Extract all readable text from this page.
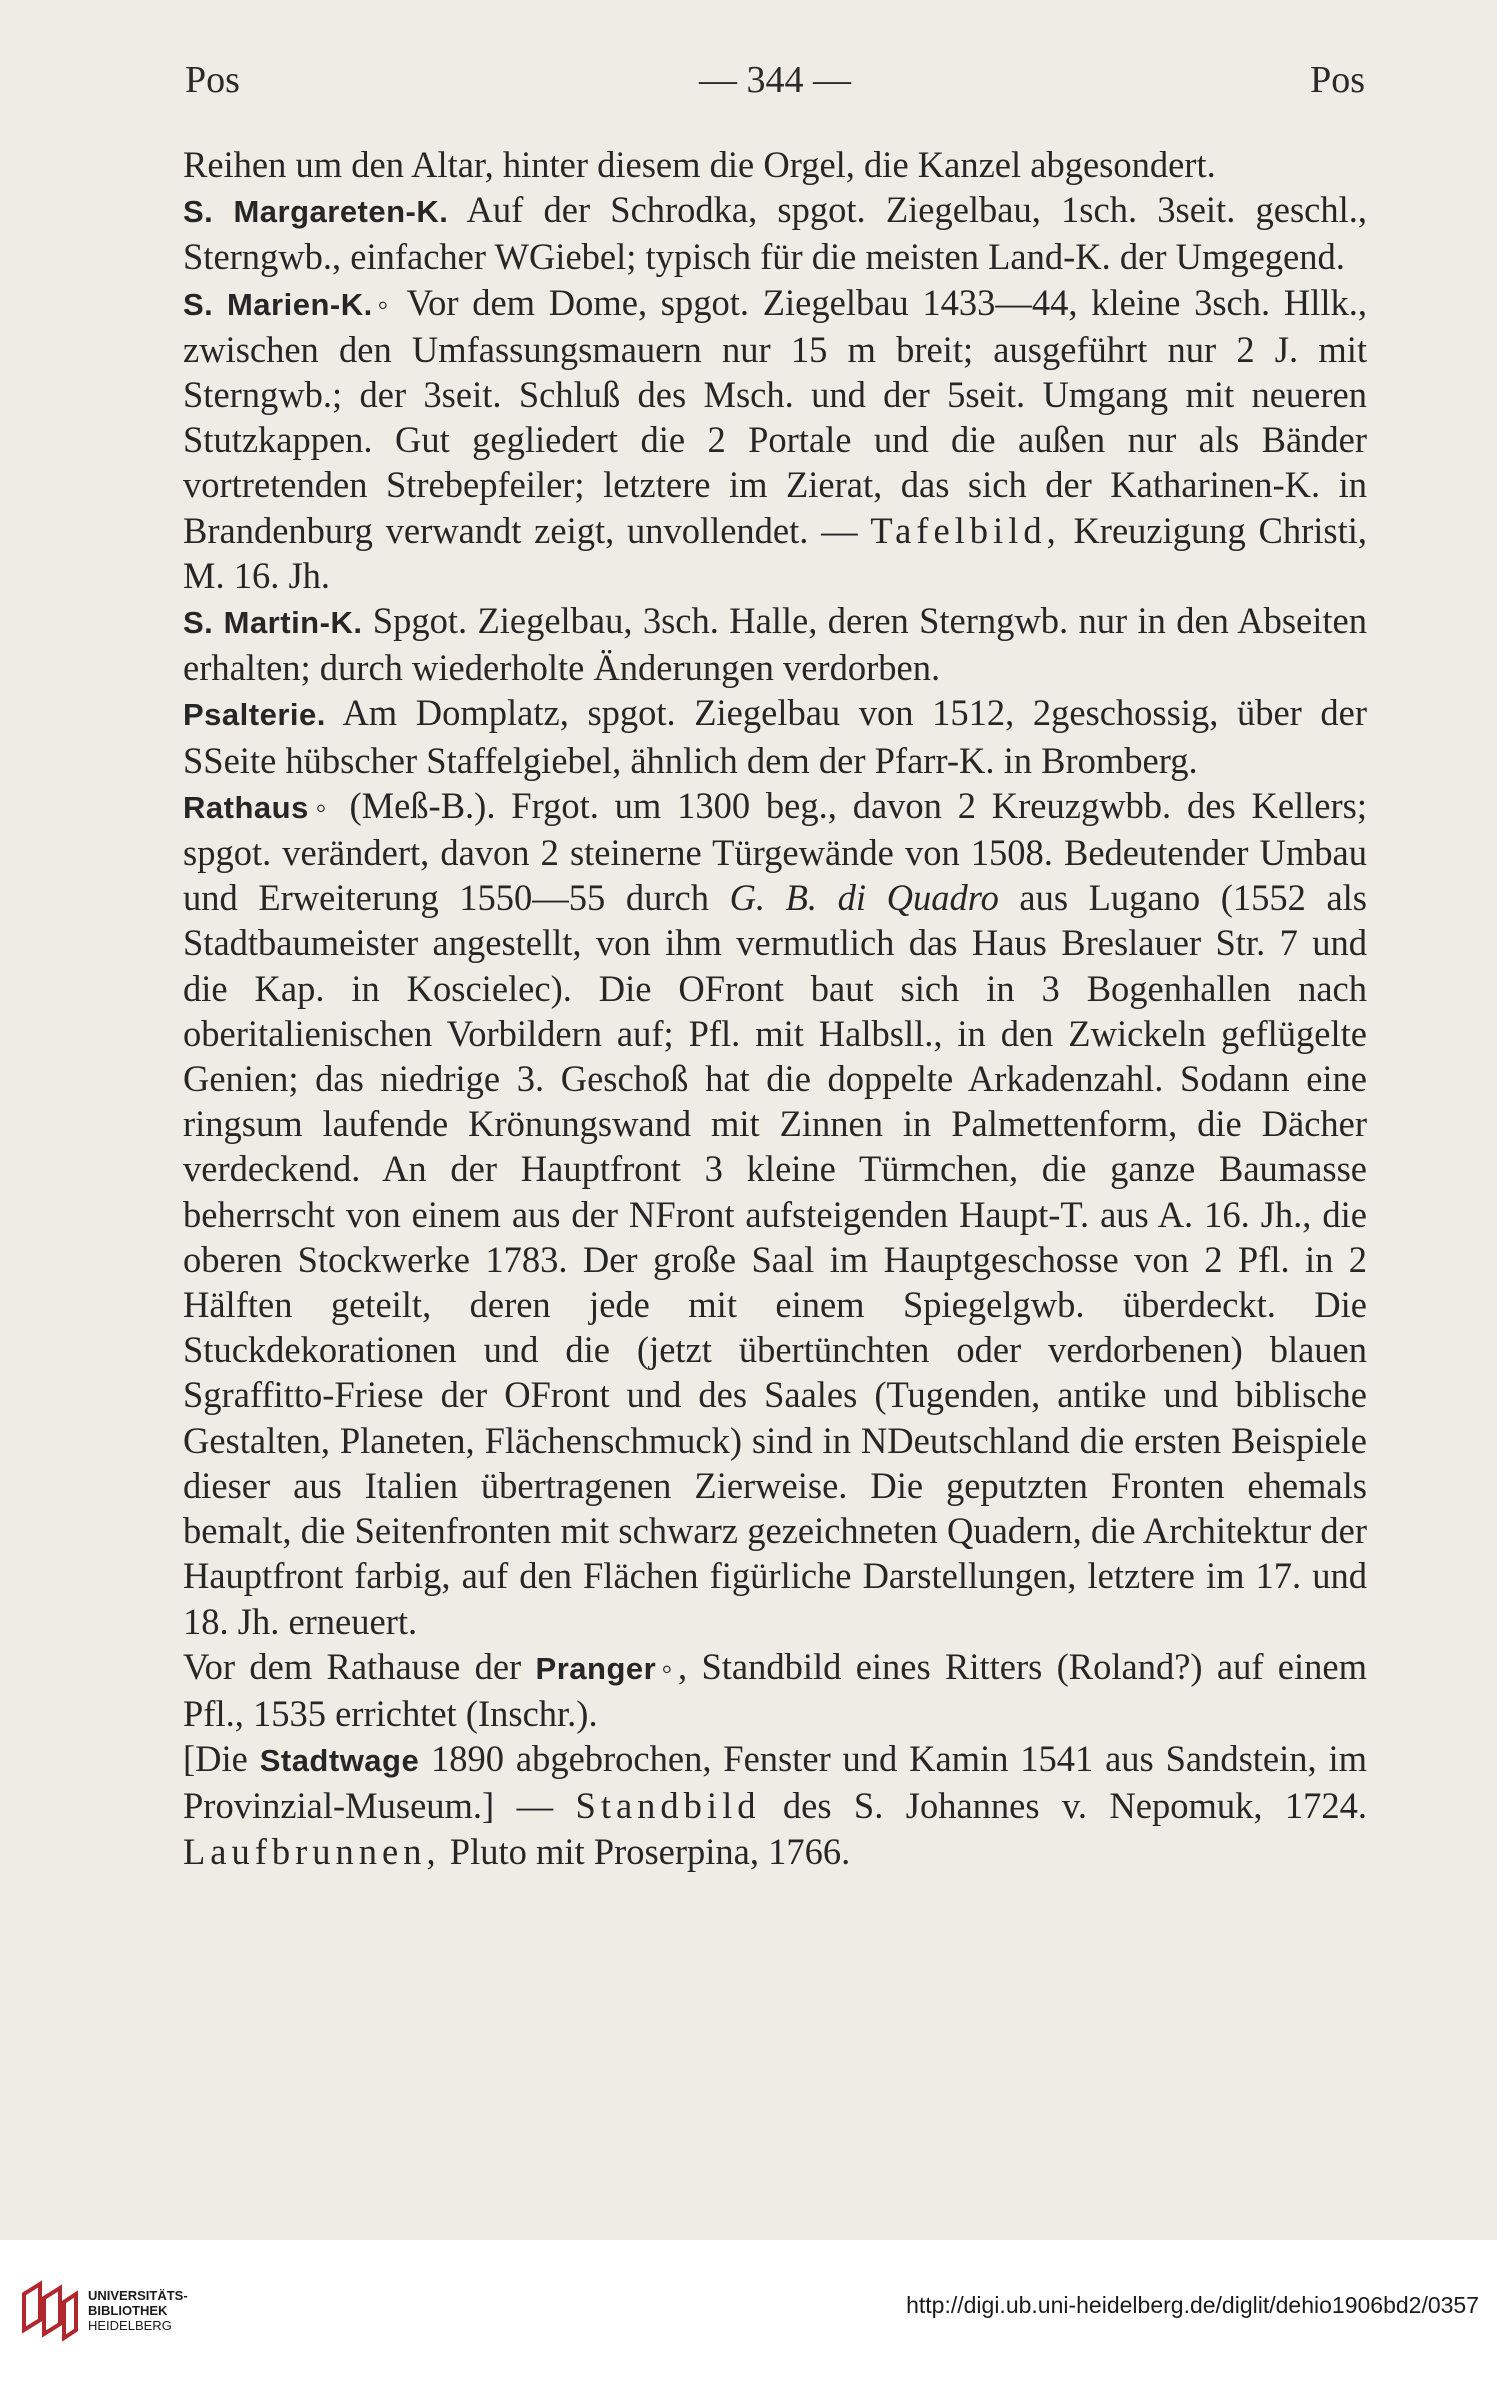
Pos	— 344 —	Pos

Reihen um den Altar, hinter diesem die Orgel, die Kanzel abgesondert.

S. Margareten-K. Auf der Schrodka, spgot. Ziegelbau, 1sch. 3seit. geschl., Sterngwb., einfacher WGiebel; typisch für die meisten Land-K. der Umgegend.

S. Marien-K.◦ Vor dem Dome, spgot. Ziegelbau 1433—44, kleine 3sch. Hllk., zwischen den Umfassungsmauern nur 15 m breit; ausgeführt nur 2 J. mit Sterngwb.; der 3seit. Schluß des Msch. und der 5seit. Umgang mit neueren Stutzkappen. Gut gegliedert die 2 Portale und die außen nur als Bänder vortretenden Strebepfeiler; letztere im Zierat, das sich der Katharinen-K. in Brandenburg verwandt zeigt, unvollendet. — Tafelbild, Kreuzigung Christi, M. 16. Jh.

S. Martin-K. Spgot. Ziegelbau, 3sch. Halle, deren Sterngwb. nur in den Abseiten erhalten; durch wiederholte Änderungen verdorben.

Psalterie. Am Domplatz, spgot. Ziegelbau von 1512, 2geschossig, über der SSeite hübscher Staffelgiebel, ähnlich dem der Pfarr-K. in Bromberg.

Rathaus◦ (Meß-B.). Frgot. um 1300 beg., davon 2 Kreuzgwbb. des Kellers; spgot. verändert, davon 2 steinerne Türgewände von 1508. Bedeutender Umbau und Erweiterung 1550—55 durch G. B. di Quadro aus Lugano (1552 als Stadtbaumeister angestellt, von ihm vermutlich das Haus Breslauer Str. 7 und die Kap. in Koscielec). Die OFront baut sich in 3 Bogenhallen nach oberitalienischen Vorbildern auf; Pfl. mit Halbsll., in den Zwickeln geflügelte Genien; das niedrige 3. Geschoß hat die doppelte Arkadenzahl. Sodann eine ringsum laufende Krönungswand mit Zinnen in Palmettenform, die Dächer verdeckend. An der Hauptfront 3 kleine Türmchen, die ganze Baumasse beherrscht von einem aus der NFront aufsteigenden Haupt-T. aus A. 16. Jh., die oberen Stockwerke 1783. Der große Saal im Hauptgeschosse von 2 Pfl. in 2 Hälften geteilt, deren jede mit einem Spiegelgwb. überdeckt. Die Stuckdekorationen und die (jetzt übertünchten oder verdorbenen) blauen Sgraffitto-Friese der OFront und des Saales (Tugenden, antike und biblische Gestalten, Planeten, Flächenschmuck) sind in NDeutschland die ersten Beispiele dieser aus Italien übertragenen Zierweise. Die geputzten Fronten ehemals bemalt, die Seitenfronten mit schwarz gezeichneten Quadern, die Architektur der Hauptfront farbig, auf den Flächen figürliche Darstellungen, letztere im 17. und 18. Jh. erneuert.

Vor dem Rathause der Pranger◦, Standbild eines Ritters (Roland?) auf einem Pfl., 1535 errichtet (Inschr.).

[Die Stadtwage 1890 abgebrochen, Fenster und Kamin 1541 aus Sandstein, im Provinzial-Museum.] — Standbild des S. Johannes v. Nepomuk, 1724. Laufbrunnen, Pluto mit Proserpina, 1766.

UNIVERSITÄTS-
BIBLIOTHEK
HEIDELBERG
http://digi.ub.uni-heidelberg.de/diglit/dehio1906bd2/0357
